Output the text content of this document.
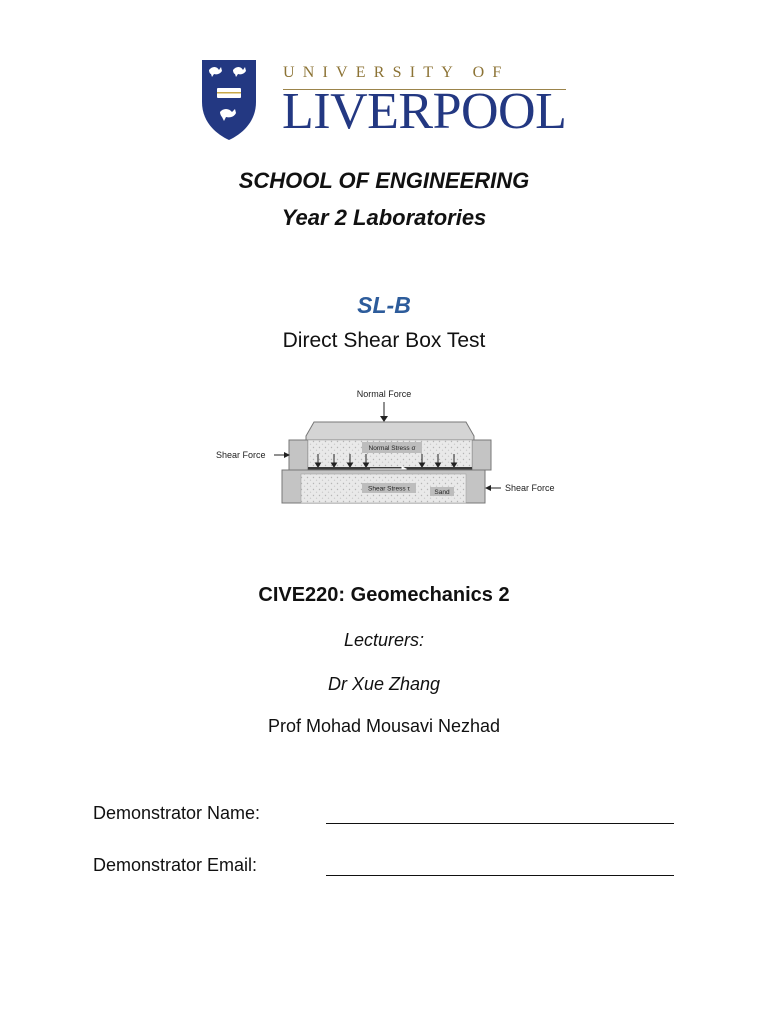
UNIVERSITY OF
LIVERPOOL
SCHOOL OF ENGINEERING
Year 2 Laboratories
SL-B
Direct Shear Box Test
Normal Force
Normal Stress σ
Shear Stress τ	Sand
Shear Force
Shear Force
CIVE220: Geomechanics 2
Lecturers:
Dr Xue Zhang
Prof Mohad Mousavi Nezhad
Demonstrator Name:
Demonstrator Email:
